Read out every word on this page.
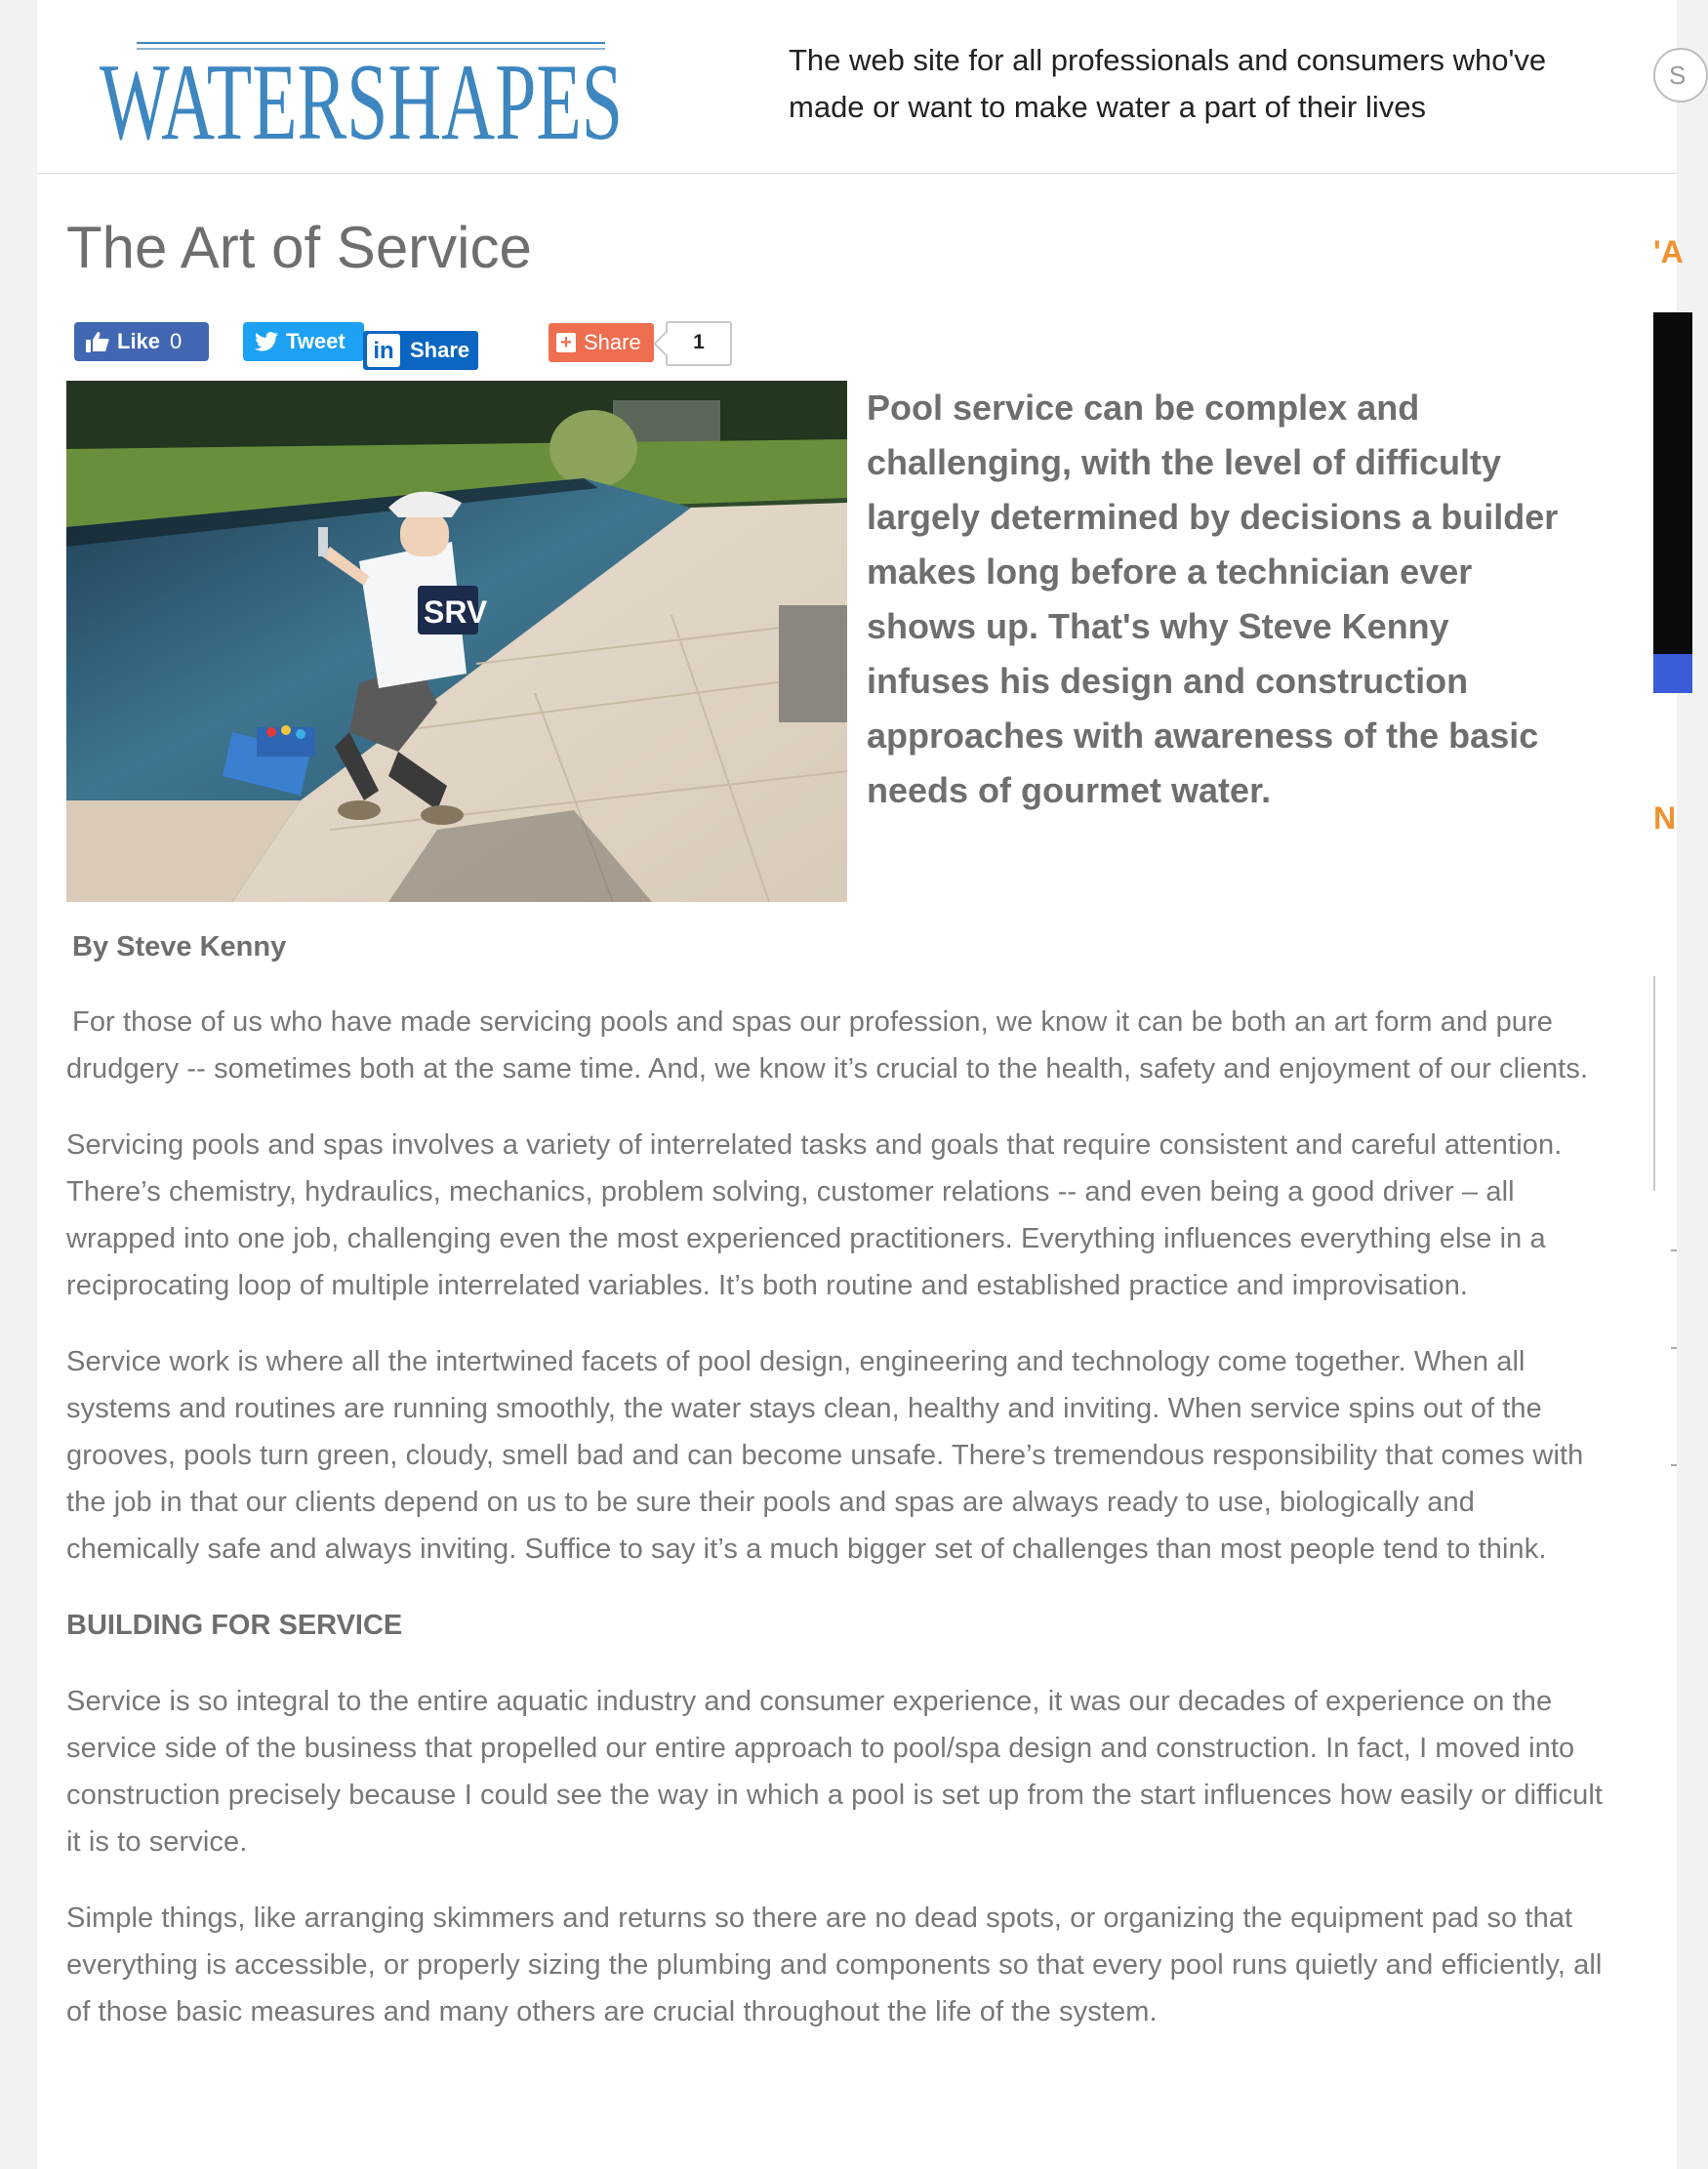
WATERSHAPES	The web site for all professionals and consumers who've made or want to make water a part of their lives
S
The Art of Service
Like 0	Tweet in Share	+ Share	1
SRV
Pool service can be complex and challenging, with the level of difficulty largely determined by decisions a builder makes long before a technician ever shows up. That's why Steve Kenny infuses his design and construction approaches with awareness of the basic needs of gourmet water.
By Steve Kenny

For those of us who have made servicing pools and spas our profession, we know it can be both an art form and pure drudgery -- sometimes both at the same time. And, we know it’s crucial to the health, safety and enjoyment of our clients.

Servicing pools and spas involves a variety of interrelated tasks and goals that require consistent and careful attention. There’s chemistry, hydraulics, mechanics, problem solving, customer relations -- and even being a good driver – all wrapped into one job, challenging even the most experienced practitioners. Everything influences everything else in a reciprocating loop of multiple interrelated variables. It’s both routine and established practice and improvisation.

Service work is where all the intertwined facets of pool design, engineering and technology come together. When all systems and routines are running smoothly, the water stays clean, healthy and inviting. When service spins out of the grooves, pools turn green, cloudy, smell bad and can become unsafe. There’s tremendous responsibility that comes with the job in that our clients depend on us to be sure their pools and spas are always ready to use, biologically and chemically safe and always inviting. Suffice to say it’s a much bigger set of challenges than most people tend to think.

BUILDING FOR SERVICE

Service is so integral to the entire aquatic industry and consumer experience, it was our decades of experience on the service side of the business that propelled our entire approach to pool/spa design and construction. In fact, I moved into construction precisely because I could see the way in which a pool is set up from the start influences how easily or difficult it is to service.

Simple things, like arranging skimmers and returns so there are no dead spots, or organizing the equipment pad so that everything is accessible, or properly sizing the plumbing and components so that every pool runs quietly and efficiently, all of those basic measures and many others are crucial throughout the life of the system.

'A
N
